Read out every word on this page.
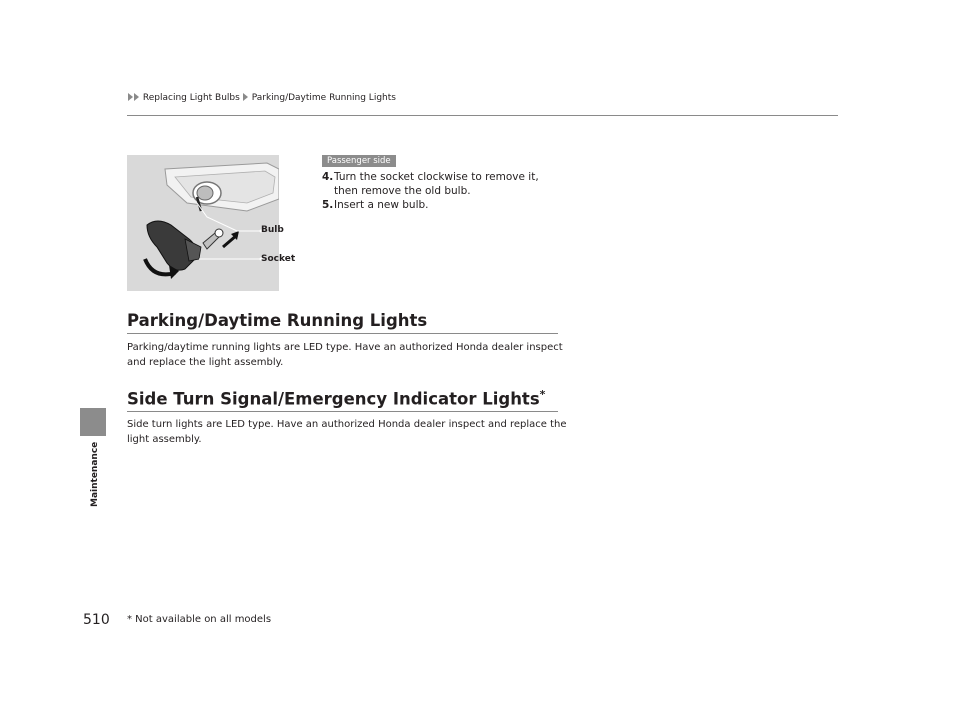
Replacing Light Bulbs Parking/Daytime Running Lights
Maintenance
Bulb
Socket
Passenger side
4. Turn the socket clockwise to remove it, then remove the old bulb.
5. Insert a new bulb.
Parking/Daytime Running Lights
Parking/daytime running lights are LED type. Have an authorized Honda dealer inspect and replace the light assembly.
Side Turn Signal/Emergency Indicator Lights*
Side turn lights are LED type. Have an authorized Honda dealer inspect and replace the light assembly.
510 * Not available on all models
